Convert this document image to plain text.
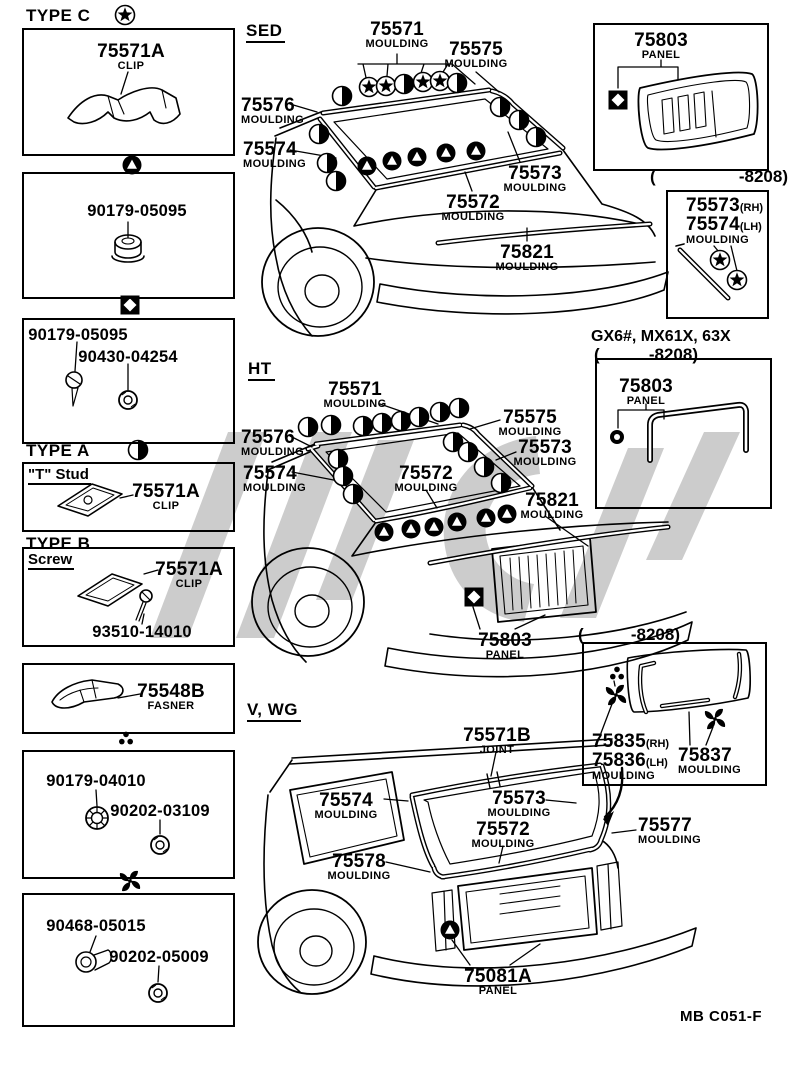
TYPE C
TYPE A
TYPE B
"T" Stud
Screw
SED
HT
V, WG
GX6#, MX61X, 63X
(	-8208)
(	-8208)
(	-8208)
MB C051-F
75571A
CLIP
90179-05095
90179-05095
90430-04254
75571A
CLIP
75571A
CLIP
93510-14010
75548B
FASNER
90179-04010
90202-03109
90468-05015
90202-05009
75571
MOULDING 75575
MOULDING
75576
MOULDING
75574
MOULDING	75573
MOULDING
75572
MOULDING
75821
MOULDING
75803
PANEL
75573(RH)
75574(LH)
MOULDING
75571
MOULDING
75575
MOULDING
75576
MOULDING	75573
MOULDING
75574
MOULDING
75572
MOULDING
75821
MOULDING
75803
PANEL
75803
PANEL
75835(RH)
75836(LH)
MOULDING
75837
MOULDING
75571B
JOINT
75574
MOULDING
75573
MOULDING
75572
MOULDING
75578
MOULDING
75577
MOULDING
75081A
PANEL
